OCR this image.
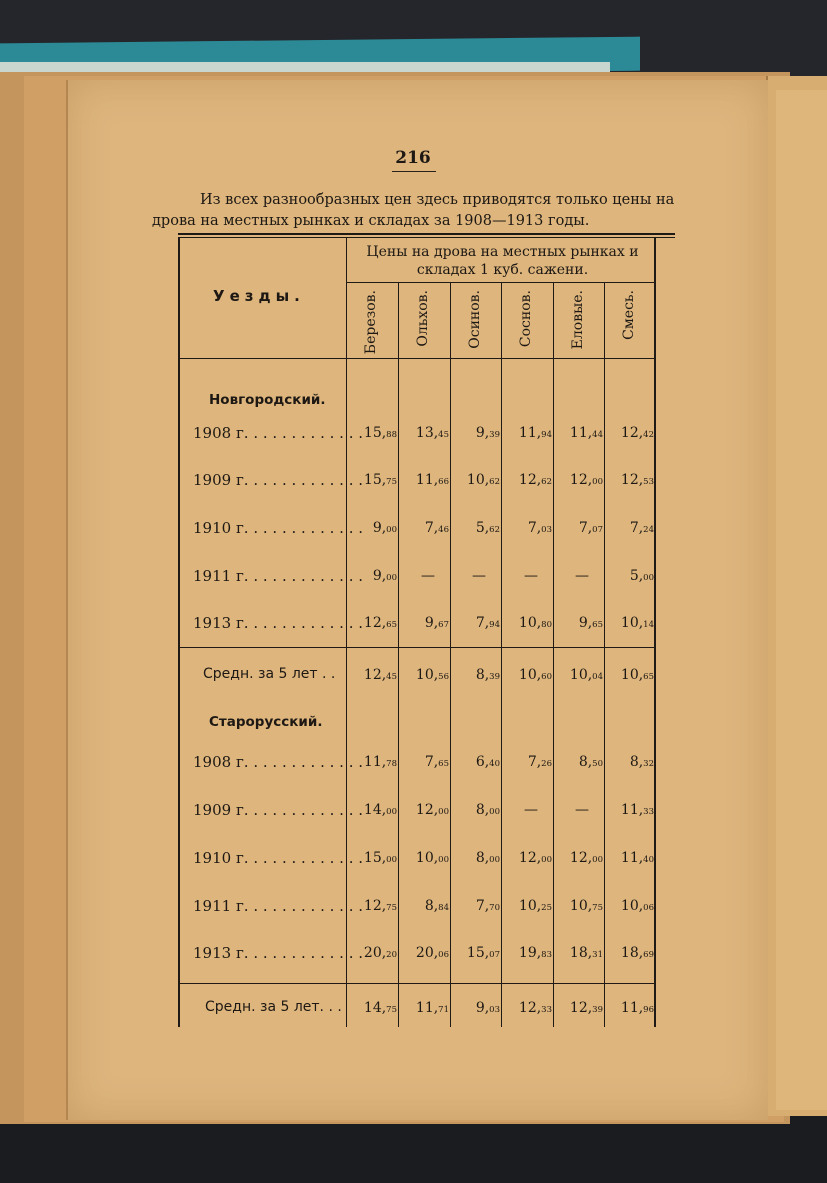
216
Из всех разнообразных цен здесь приводятся только цены на
дрова на местных рынках и складах за 1908—1913 годы.
Цены на дрова на местных рынках и
складах 1 куб. сажени.
Уезды.	Березов.	Ольхов.	Осинов.	Соснов.	Еловые.	Смесь.
Новгородский.
1908 г. . . . . . . . . . . . . 15,88 13,45 9,39 11,94 11,44 12,42
1909 г. . . . . . . . . . . . . 15,75 11,66 10,62 12,62 12,00 12,53
1910 г. . . . . . . . . . . . . 9,00 7,46 5,62 7,03 7,07 7,24
1911 г. . . . . . . . . . . . . 9,00 —	—	—	—	5,00
1913 г. . . . . . . . . . . . . 12,65 9,67 7,94 10,80 9,65 10,14
Средн. за 5 лет . . 12,45 10,56 8,39 10,60 10,04 10,65
Старорусский.
1908 г. . . . . . . . . . . . . 11,78 7,65 6,40 7,26 8,50 8,32
1909 г. . . . . . . . . . . . . 14,00 12,00 8,00 —	— 11,33
1910 г. . . . . . . . . . . . . 15,00 10,00 8,00 12,00 12,00 11,40
1911 г. . . . . . . . . . . . . 12,75 8,84 7,70 10,25 10,75 10,06
1913 г. . . . . . . . . . . . . 20,20 20,06 15,07 19,83 18,31 18,69
Средн. за 5 лет. . . 14,75 11,71 9,03 12,33 12,39 11,96
